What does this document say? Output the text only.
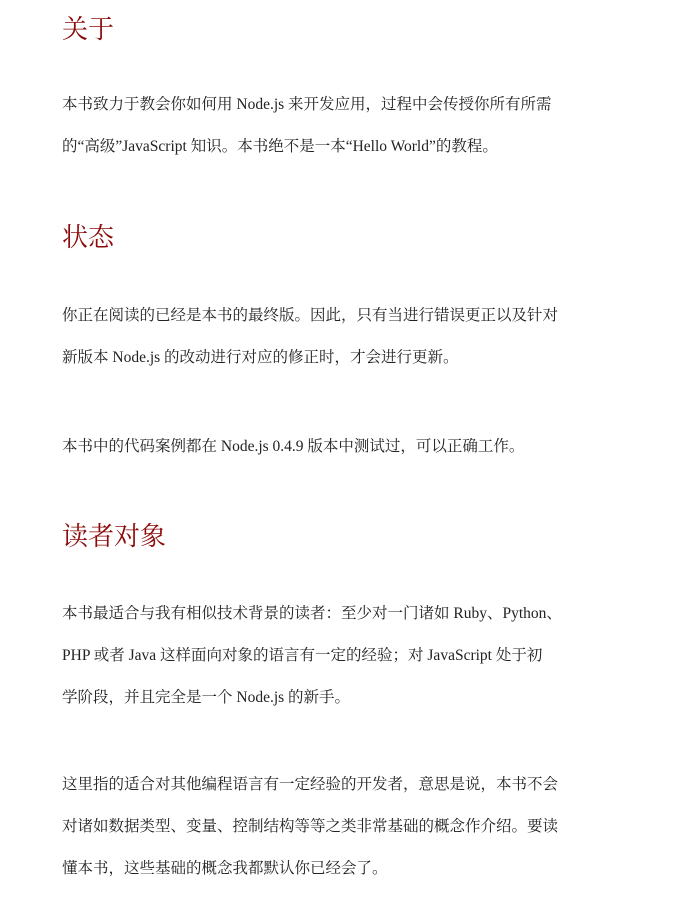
关于
本书致力于教会你如何用 Node.js 来开发应用，过程中会传授你所有所需
的“高级”JavaScript 知识。本书绝不是一本“Hello World”的教程。
状态
你正在阅读的已经是本书的最终版。因此，只有当进行错误更正以及针对
新版本 Node.js 的改动进行对应的修正时，才会进行更新。
本书中的代码案例都在 Node.js 0.4.9 版本中测试过，可以正确工作。
读者对象
本书最适合与我有相似技术背景的读者：至少对一门诸如 Ruby、Python、
PHP 或者 Java 这样面向对象的语言有一定的经验；对 JavaScript 处于初
学阶段，并且完全是一个 Node.js 的新手。
这里指的适合对其他编程语言有一定经验的开发者，意思是说，本书不会
对诸如数据类型、变量、控制结构等等之类非常基础的概念作介绍。要读
懂本书，这些基础的概念我都默认你已经会了。
